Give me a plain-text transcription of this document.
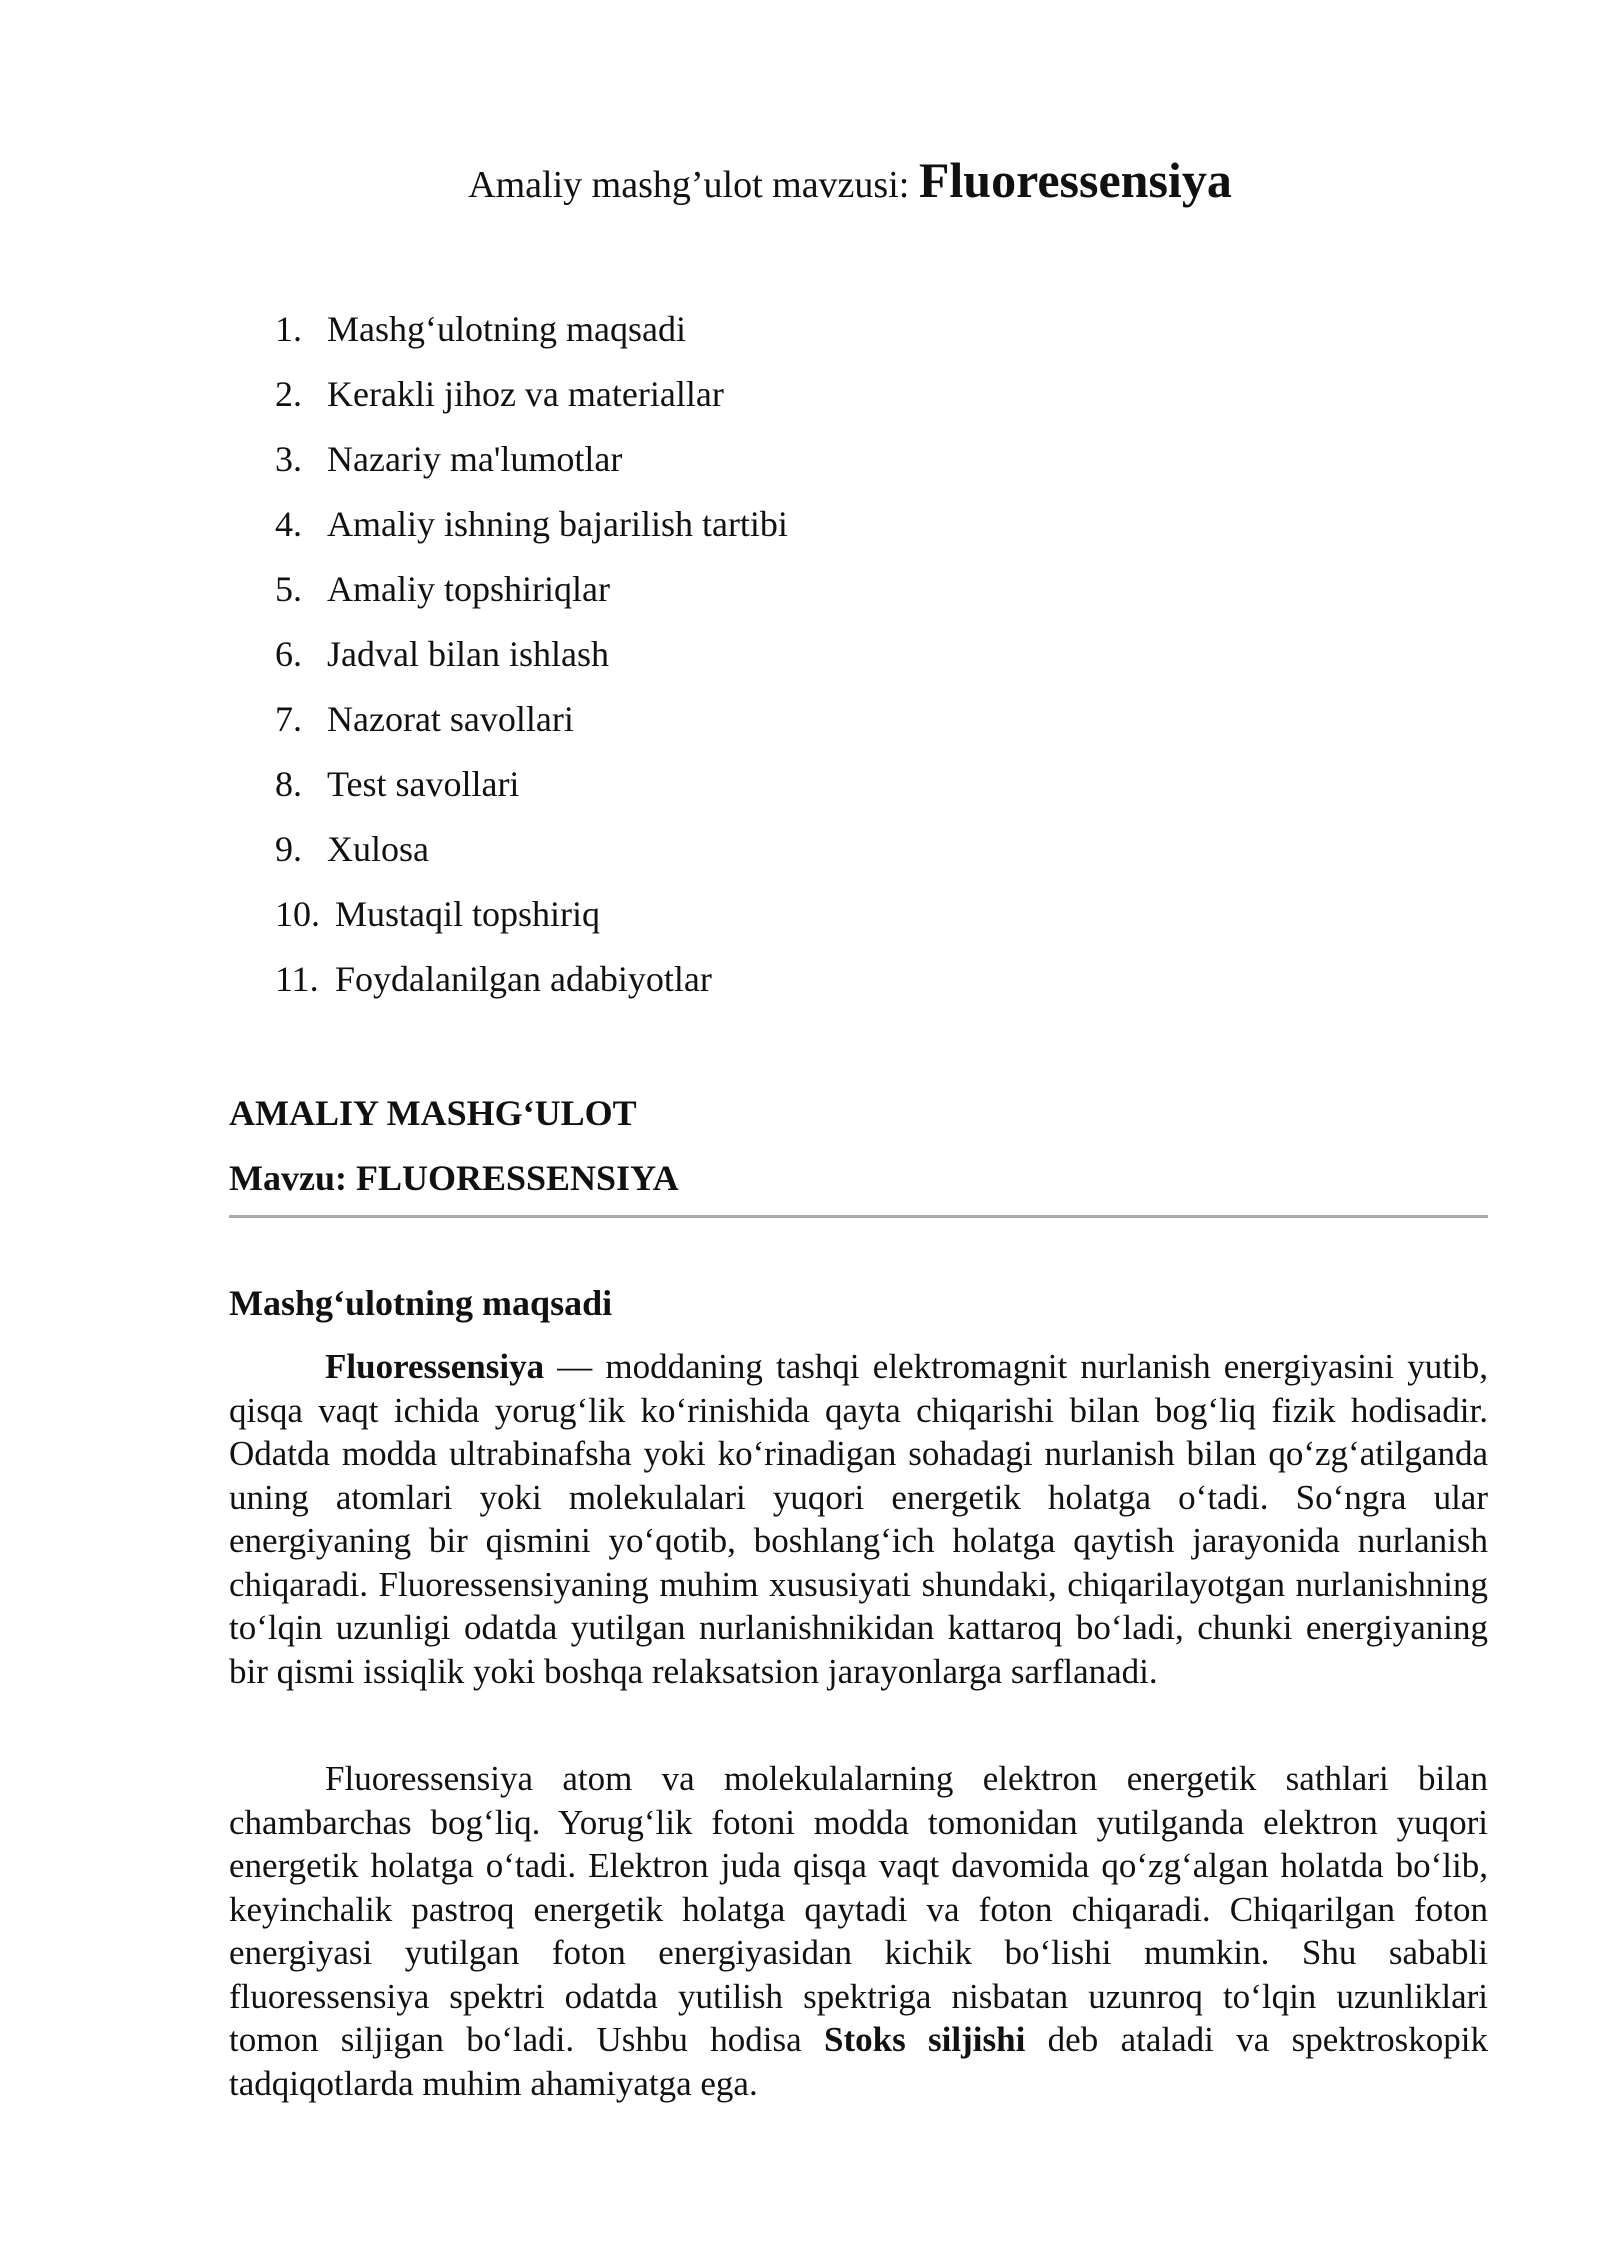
Amaliy mashg’ulot mavzusi: Fluoressensiya
1. Mashg‘ulotning maqsadi
2. Kerakli jihoz va materiallar
3. Nazariy ma'lumotlar
4. Amaliy ishning bajarilish tartibi
5. Amaliy topshiriqlar
6. Jadval bilan ishlash
7. Nazorat savollari
8. Test savollari
9. Xulosa
10. Mustaqil topshiriq
11. Foydalanilgan adabiyotlar
AMALIY MASHG‘ULOT
Mavzu: FLUORESSENSIYA
Mashg‘ulotning maqsadi

Fluoressensiya — moddaning tashqi elektromagnit nurlanish energiyasini yutib, qisqa vaqt ichida yorug‘lik ko‘rinishida qayta chiqarishi bilan bog‘liq fizik hodisadir. Odatda modda ultrabinafsha yoki ko‘rinadigan sohadagi nurlanish bilan qo‘zg‘atilganda uning atomlari yoki molekulalari yuqori energetik holatga o‘tadi. So‘ngra ular energiyaning bir qismini yo‘qotib, boshlang‘ich holatga qaytish jarayonida nurlanish chiqaradi. Fluoressensiyaning muhim xususiyati shundaki, chiqarilayotgan nurlanishning to‘lqin uzunligi odatda yutilgan nurlanishnikidan kattaroq bo‘ladi, chunki energiyaning bir qismi issiqlik yoki boshqa relaksatsion jarayonlarga sarflanadi.

Fluoressensiya atom va molekulalarning elektron energetik sathlari bilan chambarchas bog‘liq. Yorug‘lik fotoni modda tomonidan yutilganda elektron yuqori energetik holatga o‘tadi. Elektron juda qisqa vaqt davomida qo‘zg‘algan holatda bo‘lib, keyinchalik pastroq energetik holatga qaytadi va foton chiqaradi. Chiqarilgan foton energiyasi yutilgan foton energiyasidan kichik bo‘lishi mumkin. Shu sababli fluoressensiya spektri odatda yutilish spektriga nisbatan uzunroq to‘lqin uzunliklari tomon siljigan bo‘ladi. Ushbu hodisa Stoks siljishi deb ataladi va spektroskopik tadqiqotlarda muhim ahamiyatga ega.
